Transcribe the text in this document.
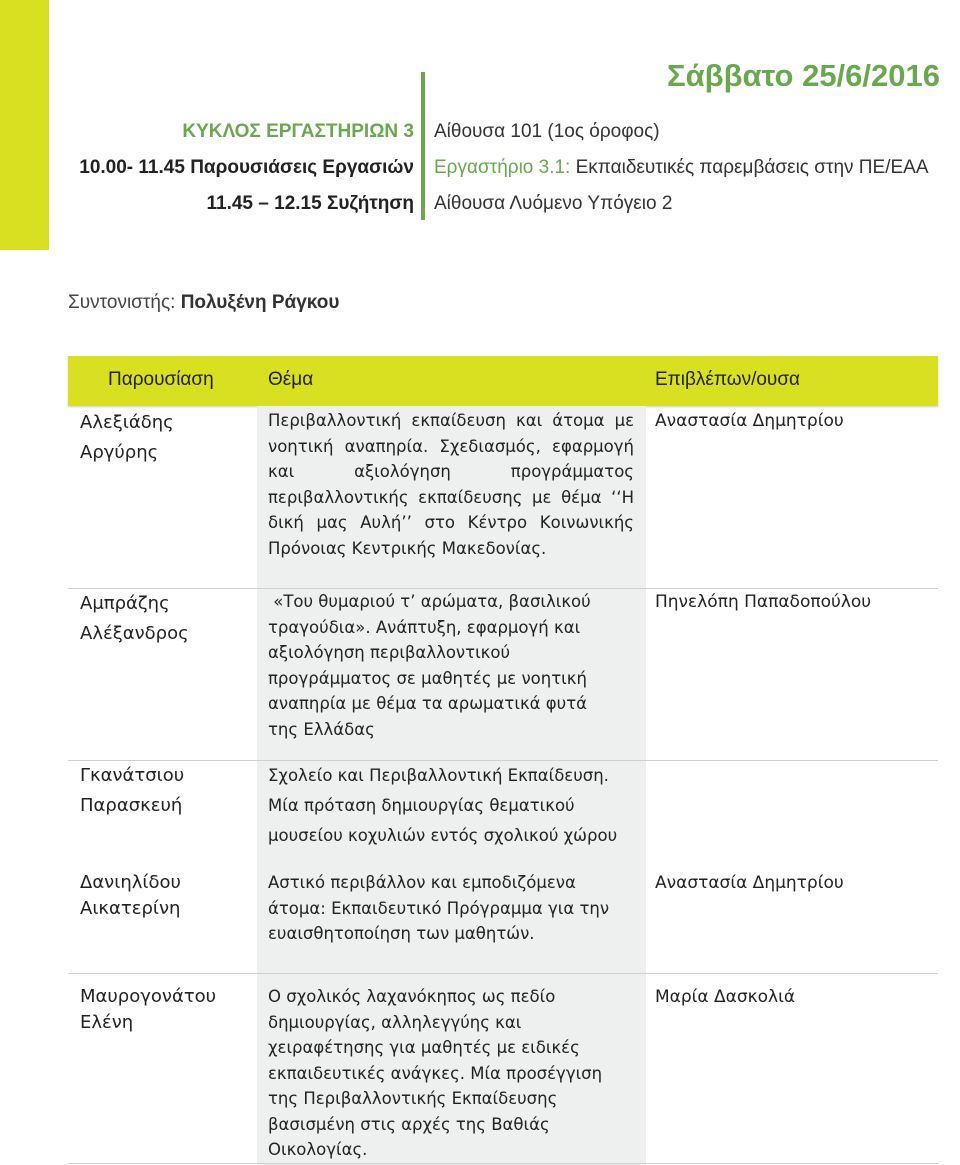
Σάββατο 25/6/2016
ΚΥΚΛΟΣ ΕΡΓΑΣΤΗΡΙΩΝ 3
10.00- 11.45 Παρουσιάσεις Εργασιών
11.45 – 12.15 Συζήτηση
Αίθουσα 101 (1ος όροφος)
Εργαστήριο 3.1: Εκπαιδευτικές παρεμβάσεις στην ΠΕ/ΕΑΑ
Αίθουσα Λυόμενο Υπόγειο 2
Συντονιστής: Πολυξένη Ράγκου
Παρουσίαση	Θέμα	Επιβλέπων/ουσα
Αλεξιάδης
Αργύρης
Περιβαλλοντική εκπαίδευση και άτομα με νοητική αναπηρία. Σχεδιασμός, εφαρμογή και αξιολόγηση προγράμματος περιβαλλοντικής εκπαίδευσης με θέμα ‘‘Η δική μας Αυλή’’ στο Κέντρο Κοινωνικής Πρόνοιας Κεντρικής Μακεδονίας.
Αναστασία Δημητρίου
Αμπράζης
Αλέξανδρος
«Του θυμαριού τ’ αρώματα, βασιλικού
τραγούδια». Ανάπτυξη, εφαρμογή και
αξιολόγηση περιβαλλοντικού
προγράμματος σε μαθητές με νοητική
αναπηρία με θέμα τα αρωματικά φυτά
της Ελλάδας
Πηνελόπη Παπαδοπούλου
Γκανάτσιου
Παρασκευή
Σχολείο και Περιβαλλοντική Εκπαίδευση.
Μία πρόταση δημιουργίας θεματικού
μουσείου κοχυλιών εντός σχολικού χώρου
Δανιηλίδου
Αικατερίνη
Αστικό περιβάλλον και εμποδιζόμενα
άτομα: Εκπαιδευτικό Πρόγραμμα για την
ευαισθητοποίηση των μαθητών.
Αναστασία Δημητρίου
Μαυρογονάτου
Ελένη
Ο σχολικός λαχανόκηπος ως πεδίο
δημιουργίας, αλληλεγγύης και
χειραφέτησης για μαθητές με ειδικές
εκπαιδευτικές ανάγκες. Μία προσέγγιση
της Περιβαλλοντικής Εκπαίδευσης
βασισμένη στις αρχές της Βαθιάς
Οικολογίας.
Μαρία Δασκολιά
